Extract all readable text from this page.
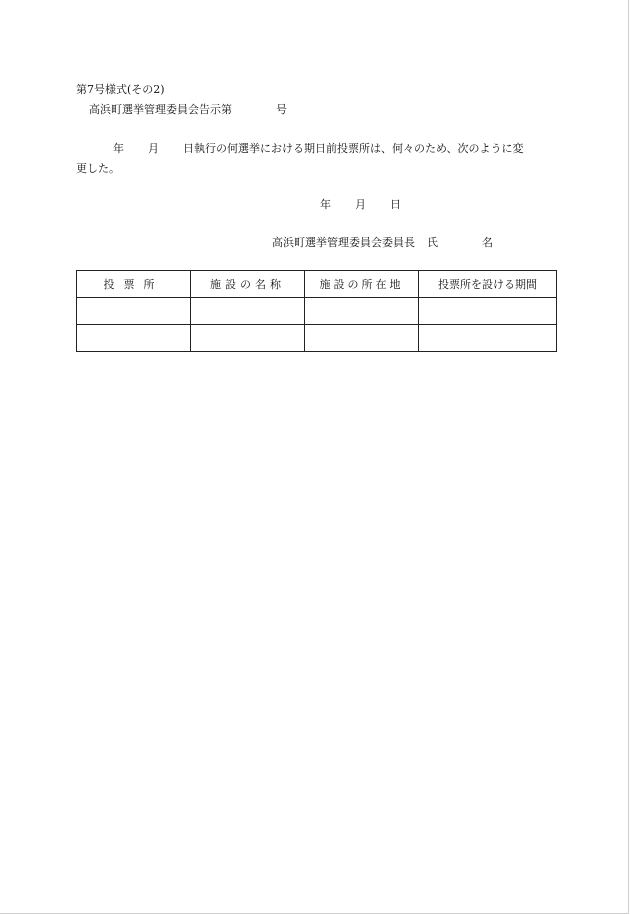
第7号様式(その2)
高浜町選挙管理委員会告示第	号
年 月 日執行の何選挙における期日前投票所は、何々のため、次のように変
更した。
年 月 日
高浜町選挙管理委員会委員長 氏	名
投票所	施設の名称	施設の所在地	投票所を設ける期間
